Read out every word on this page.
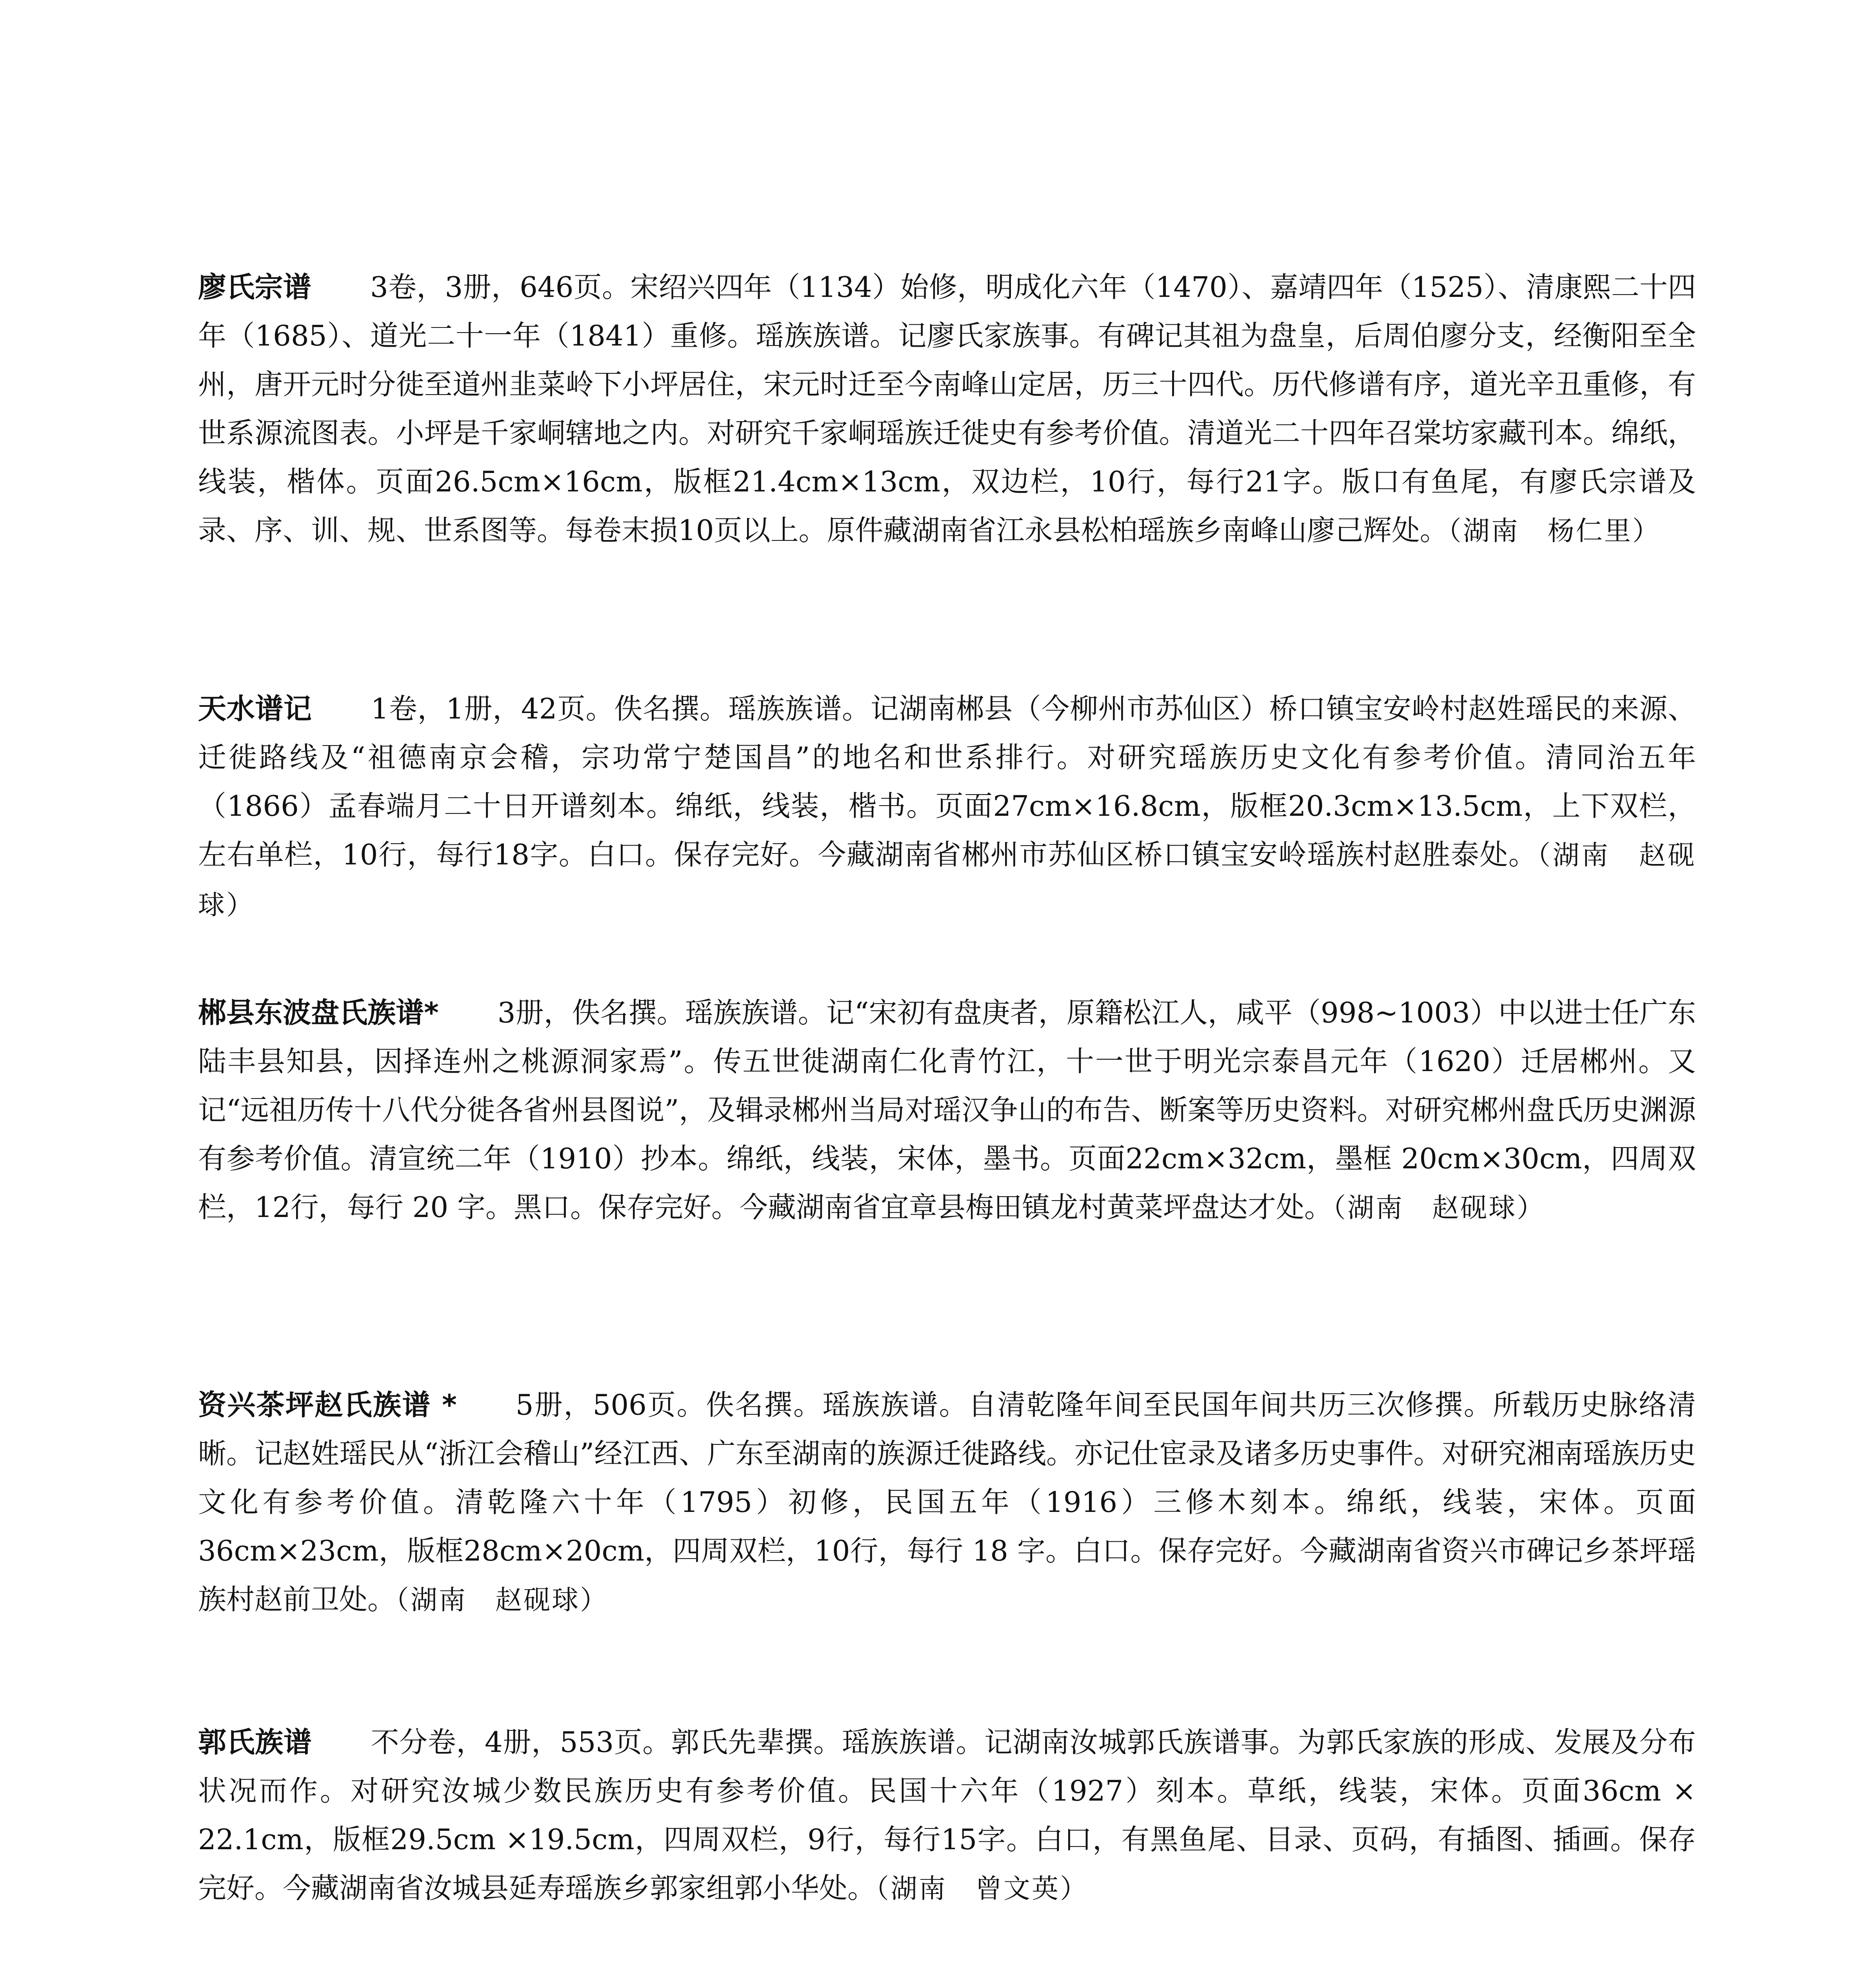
廖氏宗谱 3卷，3册，646页。宋绍兴四年（1134）始修，明成化六年（1470）、嘉靖四年（1525）、清康熙二十四年（1685）、道光二十一年（1841）重修。瑶族族谱。记廖氏家族事。有碑记其祖为盘皇，后周伯廖分支，经衡阳至全州，唐开元时分徙至道州韭菜岭下小坪居住，宋元时迁至今南峰山定居，历三十四代。历代修谱有序，道光辛丑重修，有世系源流图表。小坪是千家峒辖地之内。对研究千家峒瑶族迁徙史有参考价值。清道光二十四年召棠坊家藏刊本。绵纸，线装，楷体。页面26.5cm×16cm，版框21.4cm×13cm，双边栏，10行，每行21字。版口有鱼尾，有廖氏宗谱及录、序、训、规、世系图等。每卷末损10页以上。原件藏湖南省江永县松柏瑶族乡南峰山廖己辉处。（湖南　杨仁里）

天水谱记 1卷，1册，42页。佚名撰。瑶族族谱。记湖南郴县（今柳州市苏仙区）桥口镇宝安岭村赵姓瑶民的来源、迁徙路线及“祖德南京会稽，宗功常宁楚国昌”的地名和世系排行。对研究瑶族历史文化有参考价值。清同治五年（1866）孟春端月二十日开谱刻本。绵纸，线装，楷书。页面27cm×16.8cm，版框20.3cm×13.5cm，上下双栏，左右单栏，10行，每行18字。白口。保存完好。今藏湖南省郴州市苏仙区桥口镇宝安岭瑶族村赵胜泰处。（湖南　赵砚球）

郴县东波盘氏族谱* 3册，佚名撰。瑶族族谱。记“宋初有盘庚者，原籍松江人，咸平（998~1003）中以进士任广东陆丰县知县，因择连州之桃源洞家焉”。传五世徙湖南仁化青竹江，十一世于明光宗泰昌元年（1620）迁居郴州。又记“远祖历传十八代分徙各省州县图说”，及辑录郴州当局对瑶汉争山的布告、断案等历史资料。对研究郴州盘氏历史渊源有参考价值。清宣统二年（1910）抄本。绵纸，线装，宋体，墨书。页面22cm×32cm，墨框 20cm×30cm，四周双栏，12行，每行 20 字。黑口。保存完好。今藏湖南省宜章县梅田镇龙村黄菜坪盘达才处。（湖南　赵砚球）

资兴茶坪赵氏族谱 * 5册，506页。佚名撰。瑶族族谱。自清乾隆年间至民国年间共历三次修撰。所载历史脉络清晰。记赵姓瑶民从“浙江会稽山”经江西、广东至湖南的族源迁徙路线。亦记仕宦录及诸多历史事件。对研究湘南瑶族历史文化有参考价值。清乾隆六十年（1795）初修，民国五年（1916）三修木刻本。绵纸，线装，宋体。页面 36cm×23cm，版框28cm×20cm，四周双栏，10行，每行 18 字。白口。保存完好。今藏湖南省资兴市碑记乡茶坪瑶族村赵前卫处。（湖南　赵砚球）

郭氏族谱 不分卷，4册，553页。郭氏先辈撰。瑶族族谱。记湖南汝城郭氏族谱事。为郭氏家族的形成、发展及分布状况而作。对研究汝城少数民族历史有参考价值。民国十六年（1927）刻本。草纸，线装，宋体。页面36cm × 22.1cm，版框29.5cm ×19.5cm，四周双栏，9行，每行15字。白口，有黑鱼尾、目录、页码，有插图、插画。保存完好。今藏湖南省汝城县延寿瑶族乡郭家组郭小华处。（湖南　曾文英）
